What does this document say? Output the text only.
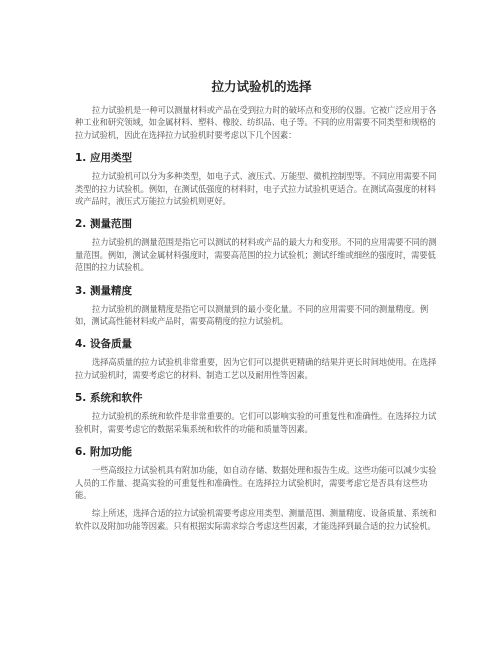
拉力试验机的选择

拉力试验机是一种可以测量材料或产品在受到拉力时的破坏点和变形的仪器。它被广泛应用于各种工业和研究领域，如金属材料、塑料、橡胶、纺织品、电子等。不同的应用需要不同类型和规格的拉力试验机，因此在选择拉力试验机时要考虑以下几个因素：

1. 应用类型

拉力试验机可以分为多种类型，如电子式、液压式、万能型、微机控制型等。不同应用需要不同类型的拉力试验机。例如，在测试低强度的材料时，电子式拉力试验机更适合。在测试高强度的材料或产品时，液压式万能拉力试验机则更好。

2. 测量范围

拉力试验机的测量范围是指它可以测试的材料或产品的最大力和变形。不同的应用需要不同的测量范围。例如，测试金属材料强度时，需要高范围的拉力试验机；测试纤维或细丝的强度时，需要低范围的拉力试验机。

3. 测量精度

拉力试验机的测量精度是指它可以测量到的最小变化量。不同的应用需要不同的测量精度。例如，测试高性能材料或产品时，需要高精度的拉力试验机。

4. 设备质量

选择高质量的拉力试验机非常重要，因为它们可以提供更精确的结果并更长时间地使用。在选择拉力试验机时，需要考虑它的材料、制造工艺以及耐用性等因素。

5. 系统和软件

拉力试验机的系统和软件是非常重要的。它们可以影响实验的可重复性和准确性。在选择拉力试验机时，需要考虑它的数据采集系统和软件的功能和质量等因素。

6. 附加功能

一些高级拉力试验机具有附加功能，如自动存储、数据处理和报告生成。这些功能可以减少实验人员的工作量、提高实验的可重复性和准确性。在选择拉力试验机时，需要考虑它是否具有这些功能。

综上所述，选择合适的拉力试验机需要考虑应用类型、测量范围、测量精度、设备质量、系统和软件以及附加功能等因素。只有根据实际需求综合考虑这些因素，才能选择到最合适的拉力试验机。
